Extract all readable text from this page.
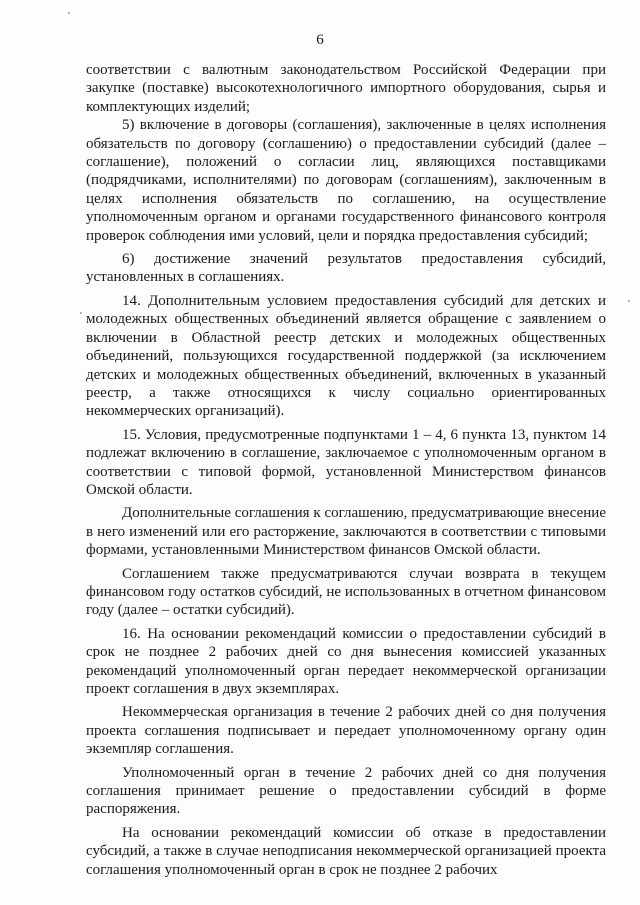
6

соответствии с валютным законодательством Российской Федерации при закупке (поставке) высокотехнологичного импортного оборудования, сырья и комплектующих изделий;

5) включение в договоры (соглашения), заключенные в целях исполнения обязательств по договору (соглашению) о предоставлении субсидий (далее – соглашение), положений о согласии лиц, являющихся поставщиками (подрядчиками, исполнителями) по договорам (соглашениям), заключенным в целях исполнения обязательств по соглашению, на осуществление уполномоченным органом и органами государственного финансового контроля проверок соблюдения ими условий, цели и порядка предоставления субсидий;

6) достижение значений результатов предоставления субсидий, установленных в соглашениях.

14. Дополнительным условием предоставления субсидий для детских и молодежных общественных объединений является обращение с заявлением о включении в Областной реестр детских и молодежных общественных объединений, пользующихся государственной поддержкой (за исключением детских и молодежных общественных объединений, включенных в указанный реестр, а также относящихся к числу социально ориентированных некоммерческих организаций).

15. Условия, предусмотренные подпунктами 1 – 4, 6 пункта 13, пунктом 14 подлежат включению в соглашение, заключаемое с уполномоченным органом в соответствии с типовой формой, установленной Министерством финансов Омской области.

Дополнительные соглашения к соглашению, предусматривающие внесение в него изменений или его расторжение, заключаются в соответствии с типовыми формами, установленными Министерством финансов Омской области.

Соглашением также предусматриваются случаи возврата в текущем финансовом году остатков субсидий, не использованных в отчетном финансовом году (далее – остатки субсидий).

16. На основании рекомендаций комиссии о предоставлении субсидий в срок не позднее 2 рабочих дней со дня вынесения комиссией указанных рекомендаций уполномоченный орган передает некоммерческой организации проект соглашения в двух экземплярах.

Некоммерческая организация в течение 2 рабочих дней со дня получения проекта соглашения подписывает и передает уполномоченному органу один экземпляр соглашения.

Уполномоченный орган в течение 2 рабочих дней со дня получения соглашения принимает решение о предоставлении субсидий в форме распоряжения.

На основании рекомендаций комиссии об отказе в предоставлении субсидий, а также в случае неподписания некоммерческой организацией проекта соглашения уполномоченный орган в срок не позднее 2 рабочих
